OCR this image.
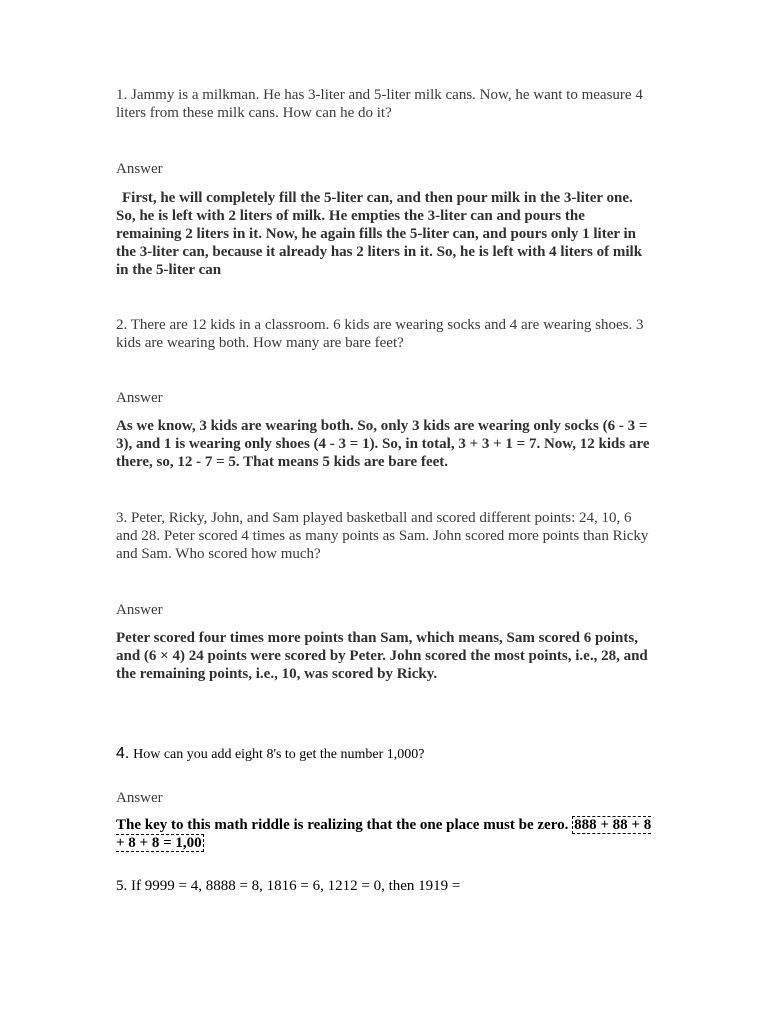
1. Jammy is a milkman. He has 3-liter and 5-liter milk cans. Now, he want to measure 4 liters from these milk cans. How can he do it?

Answer

First, he will completely fill the 5-liter can, and then pour milk in the 3-liter one. So, he is left with 2 liters of milk. He empties the 3-liter can and pours the remaining 2 liters in it. Now, he again fills the 5-liter can, and pours only 1 liter in the 3-liter can, because it already has 2 liters in it. So, he is left with 4 liters of milk in the 5-liter can

2. There are 12 kids in a classroom. 6 kids are wearing socks and 4 are wearing shoes. 3 kids are wearing both. How many are bare feet?

Answer

As we know, 3 kids are wearing both. So, only 3 kids are wearing only socks (6 - 3 = 3), and 1 is wearing only shoes (4 - 3 = 1). So, in total, 3 + 3 + 1 = 7. Now, 12 kids are there, so, 12 - 7 = 5. That means 5 kids are bare feet.

3. Peter, Ricky, John, and Sam played basketball and scored different points: 24, 10, 6 and 28. Peter scored 4 times as many points as Sam. John scored more points than Ricky and Sam. Who scored how much?

Answer

Peter scored four times more points than Sam, which means, Sam scored 6 points, and (6 × 4) 24 points were scored by Peter. John scored the most points, i.e., 28, and the remaining points, i.e., 10, was scored by Ricky.

4. How can you add eight 8's to get the number 1,000?

Answer

The key to this math riddle is realizing that the one place must be zero. 888 + 88 + 8 + 8 + 8 = 1,00

5. If 9999 = 4, 8888 = 8, 1816 = 6, 1212 = 0, then 1919 =
